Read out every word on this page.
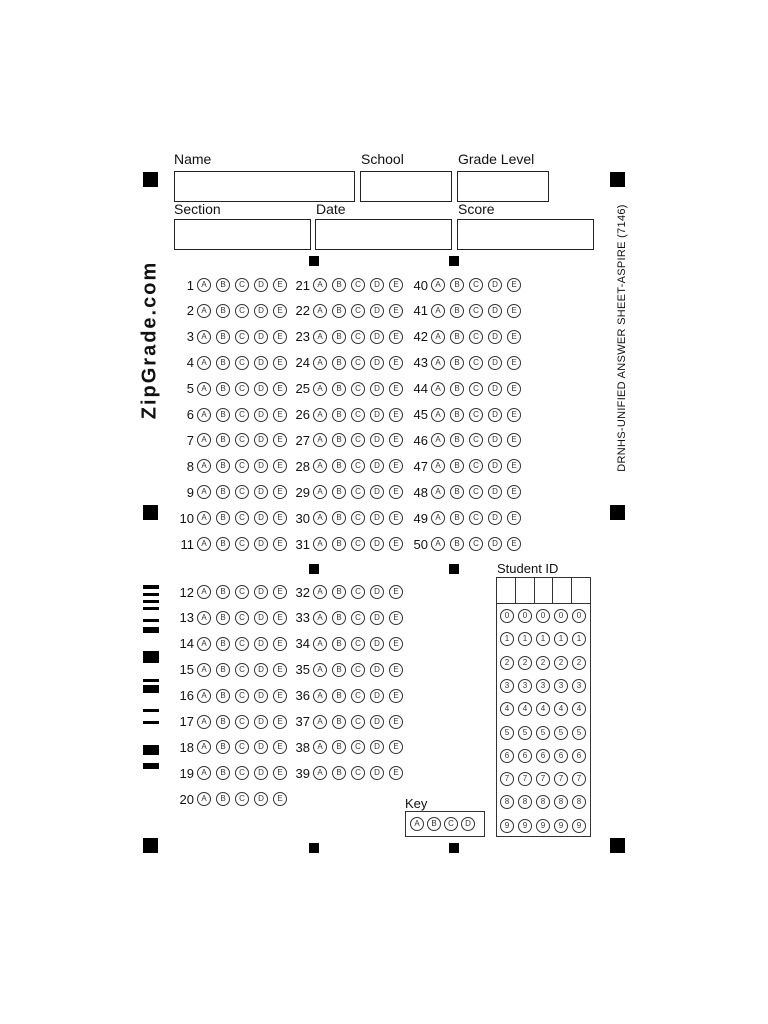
Name	School	Grade Level
Section	Date	Score
ZipGrade.com	DRNHS-UNIFIED ANSWER SHEET-ASPIRE (7146)
1 A	B	C	D	E
2 A	B	C	D	E
3 A	B	C	D	E
4 A	B	C	D	E
5 A	B	C	D	E
6 A	B	C	D	E
7 A	B	C	D	E
8 A	B	C	D	E
9 A	B	C	D	E
10 A	B	C	D	E
11 A	B	C	D	E
21 A	B	C	D	E
22 A	B	C	D	E
23 A	B	C	D	E
24 A	B	C	D	E
25 A	B	C	D	E
26 A	B	C	D	E
27 A	B	C	D	E
28 A	B	C	D	E
29 A	B	C	D	E
30 A	B	C	D	E
31 A	B	C	D	E
40 A	B	C	D	E
41 A	B	C	D	E
42 A	B	C	D	E
43 A	B	C	D	E
44 A	B	C	D	E
45 A	B	C	D	E
46 A	B	C	D	E
47 A	B	C	D	E
48 A	B	C	D	E
49 A	B	C	D	E
50 A	B	C	D	E
12 A	B	C	D	E
13 A	B	C	D	E
14 A	B	C	D	E
15 A	B	C	D	E
16 A	B	C	D	E
17 A	B	C	D	E
18 A	B	C	D	E
19 A	B	C	D	E
20 A	B	C	D	E
32 A	B	C	D	E
33 A	B	C	D	E
34 A	B	C	D	E
35 A	B	C	D	E
36 A	B	C	D	E
37 A	B	C	D	E
38 A	B	C	D	E
39 A	B	C	D	E
Student ID
0	0	0	0	0
1	1	1	1	1
2	2	2	2	2
3	3	3	3	3
4	4	4	4	4
5	5	5	5	5
6	6	6	6	6
7	7	7	7	7
8	8	8	8	8
9	9	9	9	9
Key
A	B	C	D
